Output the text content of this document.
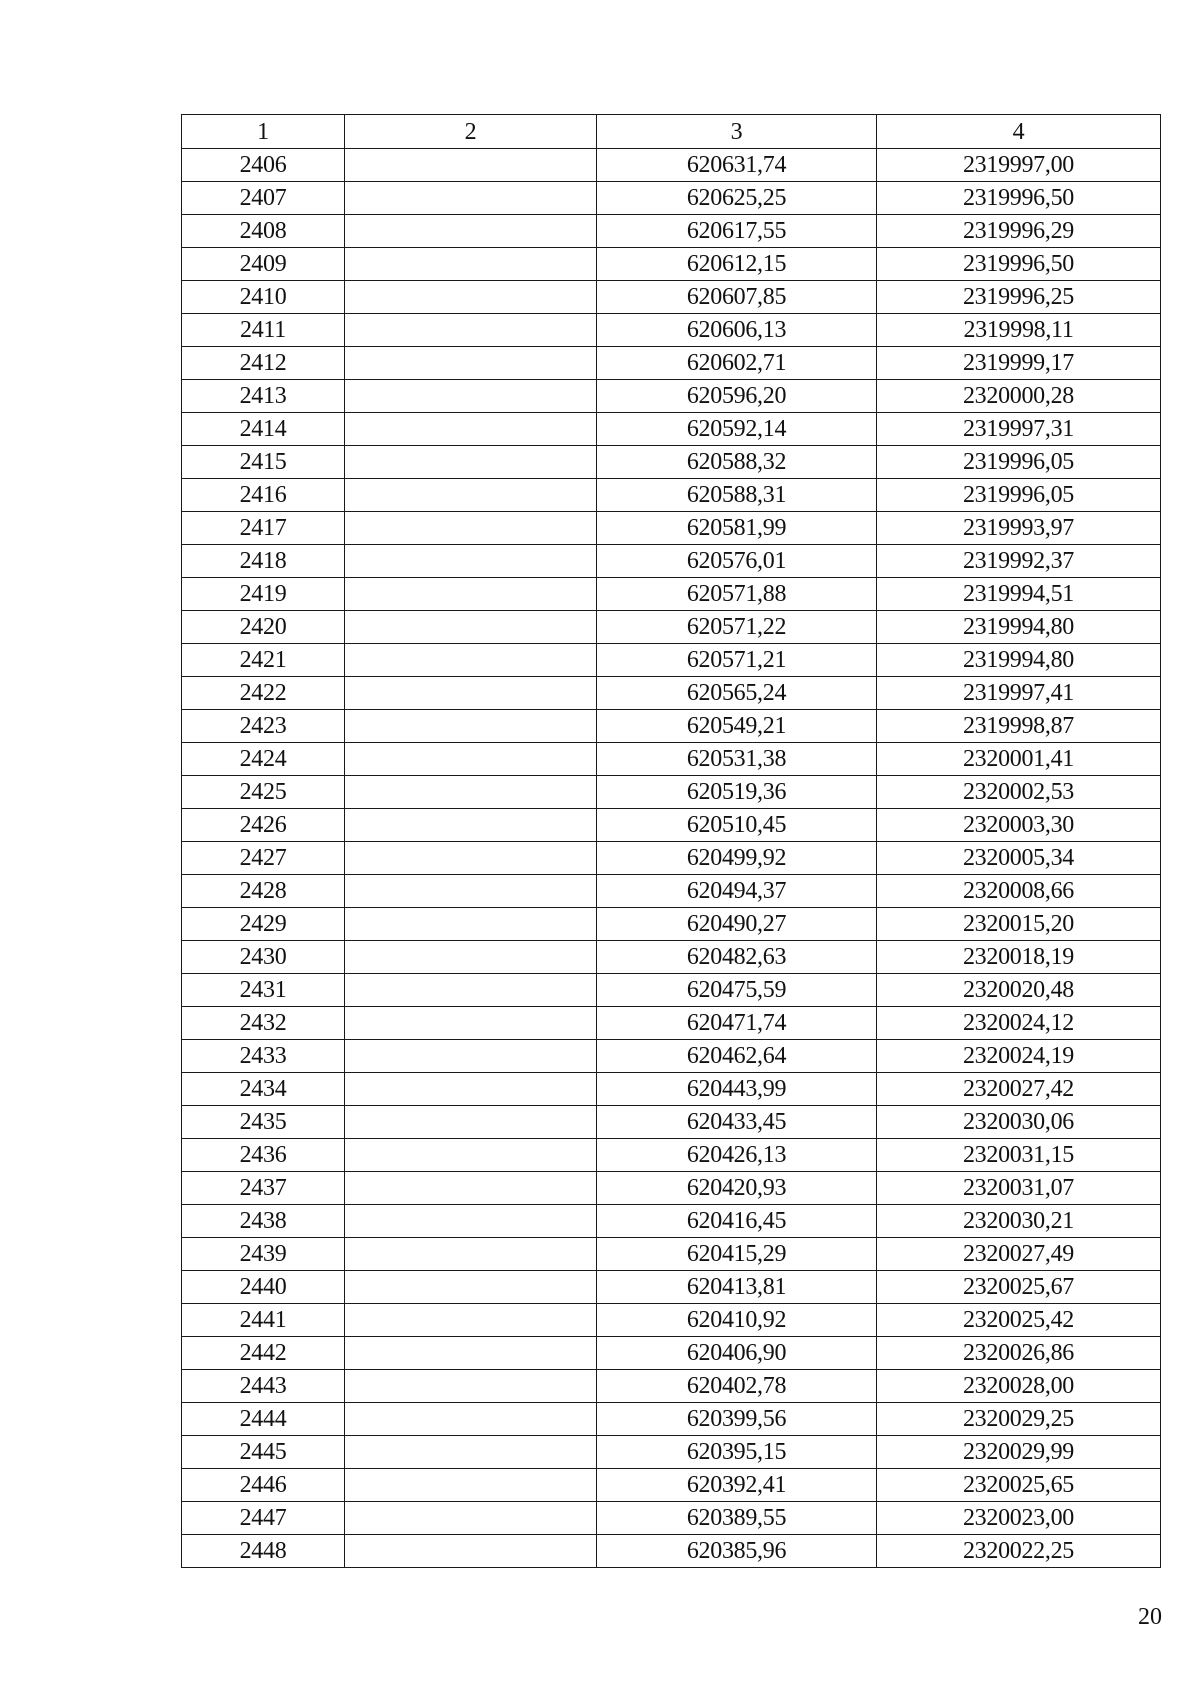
1	2	3	4
2406		620631,74	2319997,00
2407		620625,25	2319996,50
2408		620617,55	2319996,29
2409		620612,15	2319996,50
2410		620607,85	2319996,25
2411		620606,13	2319998,11
2412		620602,71	2319999,17
2413		620596,20	2320000,28
2414		620592,14	2319997,31
2415		620588,32	2319996,05
2416		620588,31	2319996,05
2417		620581,99	2319993,97
2418		620576,01	2319992,37
2419		620571,88	2319994,51
2420		620571,22	2319994,80
2421		620571,21	2319994,80
2422		620565,24	2319997,41
2423		620549,21	2319998,87
2424		620531,38	2320001,41
2425		620519,36	2320002,53
2426		620510,45	2320003,30
2427		620499,92	2320005,34
2428		620494,37	2320008,66
2429		620490,27	2320015,20
2430		620482,63	2320018,19
2431		620475,59	2320020,48
2432		620471,74	2320024,12
2433		620462,64	2320024,19
2434		620443,99	2320027,42
2435		620433,45	2320030,06
2436		620426,13	2320031,15
2437		620420,93	2320031,07
2438		620416,45	2320030,21
2439		620415,29	2320027,49
2440		620413,81	2320025,67
2441		620410,92	2320025,42
2442		620406,90	2320026,86
2443		620402,78	2320028,00
2444		620399,56	2320029,25
2445		620395,15	2320029,99
2446		620392,41	2320025,65
2447		620389,55	2320023,00
2448		620385,96	2320022,25
20
